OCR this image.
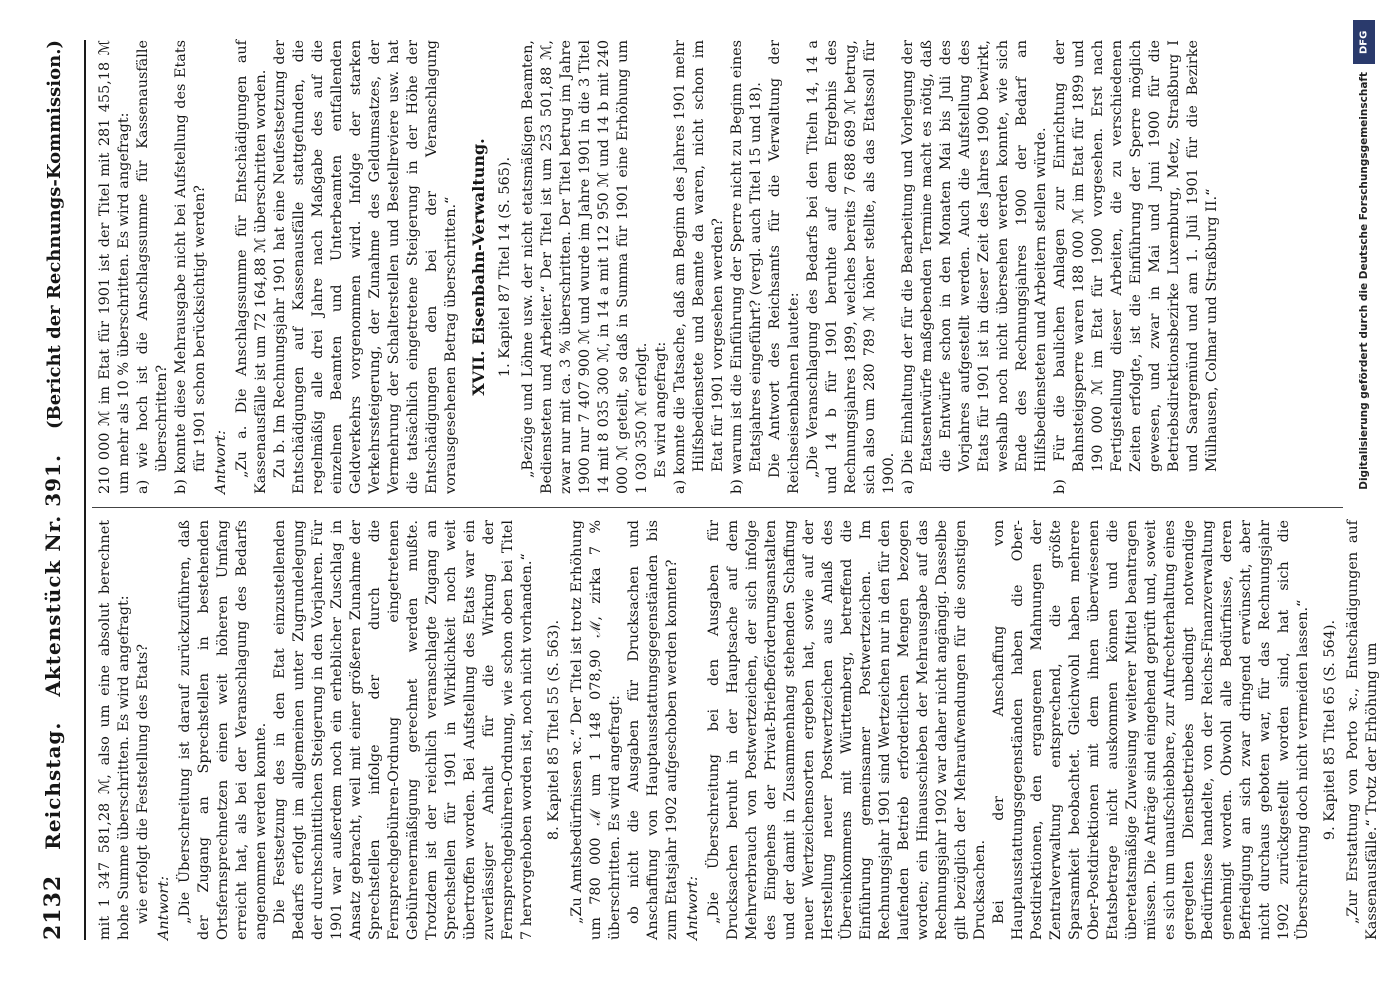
2132
Reichstag.
Aktenstück Nr. 391.
(Bericht der Rechnungs-Kommission.)

mit 1 347 581,28 ℳ, also um eine absolut berechnet hohe Summe überschritten. Es wird angefragt: wie erfolgt die Feststellung des Etats? Antwort: „Die Überschreitung ist darauf zurückzuführen, daß der Zugang an Sprechstellen in bestehenden Ortsfernsprechnetzen einen weit höheren Umfang erreicht hat, als bei der Veranschlagung des Bedarfs angenommen werden konnte. Die Festsetzung des in den Etat einzustellenden Bedarfs erfolgt im allgemeinen unter Zugrundelegung der durchschnittlichen Steigerung in den Vorjahren. Für 1901 war außerdem noch ein erheblicher Zuschlag in Ansatz gebracht, weil mit einer größeren Zunahme der Sprechstellen infolge der durch die Fernsprechgebühren-Ordnung eingetretenen Gebührenermäßigung gerechnet werden mußte. Trotzdem ist der reichlich veranschlagte Zugang an Sprechstellen für 1901 in Wirklichkeit noch weit übertroffen worden. Bei Aufstellung des Etats war ein zuverlässiger Anhalt für die Wirkung der Fernsprechgebühren-Ordnung, wie schon oben bei Titel 7 hervorgehoben worden ist, noch nicht vorhanden.“ 8. Kapitel 85 Titel 55 (S. 563). „Zu Amtsbedürfnissen ꝛc.“ Der Titel ist trotz Erhöhung um 780 000 ℳ um 1 148 078,90 ℳ, zirka 7 % überschritten. Es wird angefragt: ob nicht die Ausgaben für Drucksachen und Anschaffung von Hauptausstattungsgegenständen bis zum Etatsjahr 1902 aufgeschoben werden konnten? Antwort: „Die Überschreitung bei den Ausgaben für Drucksachen beruht in der Hauptsache auf dem Mehrverbrauch von Postwertzeichen, der sich infolge des Eingehens der Privat-Briefbeförderungsanstalten und der damit in Zusammenhang stehenden Schaffung neuer Wertzeichensorten ergeben hat, sowie auf der Herstellung neuer Postwertzeichen aus Anlaß des Übereinkommens mit Württemberg, betreffend die Einführung gemeinsamer Postwertzeichen. Im Rechnungsjahr 1901 sind Wertzeichen nur in den für den laufenden Betrieb erforderlichen Mengen bezogen worden; ein Hinausschieben der Mehrausgabe auf das Rechnungsjahr 1902 war daher nicht angängig. Dasselbe gilt bezüglich der Mehraufwendungen für die sonstigen Drucksachen. Bei der Anschaffung von Hauptausstattungsgegenständen haben die Ober-Postdirektionen, den ergangenen Mahnungen der Zentralverwaltung entsprechend, die größte Sparsamkeit beobachtet. Gleichwohl haben mehrere Ober-Postdirektionen mit dem ihnen überwiesenen Etatsbetrage nicht auskommen können und die überetatsmäßige Zuweisung weiterer Mittel beantragen müssen. Die Anträge sind eingehend geprüft und, soweit es sich um unaufschiebbare, zur Aufrechterhaltung eines geregelten Dienstbetriebes unbedingt notwendige Bedürfnisse handelte, von der Reichs-Finanzverwaltung genehmigt worden. Obwohl alle Bedürfnisse, deren Befriedigung an sich zwar dringend erwünscht, aber nicht durchaus geboten war, für das Rechnungsjahr 1902 zurückgestellt worden sind, hat sich die Überschreitung doch nicht vermeiden lassen.“ 9. Kapitel 85 Titel 65 (S. 564). „Zur Erstattung von Porto ꝛc., Entschädigungen auf Kassenausfälle.“ Trotz der Erhöhung um

210 000 ℳ im Etat für 1901 ist der Titel mit 281 455,18 ℳ um mehr als 10 % überschritten. Es wird angefragt: a) wie hoch ist die Anschlagssumme für Kassenausfälle überschritten? b) konnte diese Mehrausgabe nicht bei Aufstellung des Etats für 1901 schon berücksichtigt werden? Antwort: „Zu a. Die Anschlagssumme für Entschädigungen auf Kassenausfälle ist um 72 164,88 ℳ überschritten worden. Zu b. Im Rechnungsjahr 1901 hat eine Neufestsetzung der Entschädigungen auf Kassenausfälle stattgefunden, die regelmäßig alle drei Jahre nach Maßgabe des auf die einzelnen Beamten und Unterbeamten entfallenden Geldverkehrs vorgenommen wird. Infolge der starken Verkehrssteigerung, der Zunahme des Geldumsatzes, der Vermehrung der Schalterstellen und Bestellreviere usw. hat die tatsächlich eingetretene Steigerung in der Höhe der Entschädigungen den bei der Veranschlagung vorausgesehenen Betrag überschritten.“ XVII. Eisenbahn-Verwaltung. 1. Kapitel 87 Titel 14 (S. 565). „Bezüge und Löhne usw. der nicht etatsmäßigen Beamten, Bediensteten und Arbeiter.“ Der Titel ist um 253 501,88 ℳ, zwar nur mit ca. 3 % überschritten. Der Titel betrug im Jahre 1900 nur 7 407 900 ℳ und wurde im Jahre 1901 in die 3 Titel 14 mit 8 035 300 ℳ, in 14 a mit 112 950 ℳ und 14 b mit 240 000 ℳ geteilt, so daß in Summa für 1901 eine Erhöhung um 1 030 350 ℳ erfolgt. Es wird angefragt: a) konnte die Tatsache, daß am Beginn des Jahres 1901 mehr Hilfsbedienstete und Beamte da waren, nicht schon im Etat für 1901 vorgesehen werden? b) warum ist die Einführung der Sperre nicht zu Beginn eines Etatsjahres eingeführt? (vergl. auch Titel 15 und 18). Die Antwort des Reichsamts für die Verwaltung der Reichseisenbahnen lautete: „Die Veranschlagung des Bedarfs bei den Titeln 14, 14 a und 14 b für 1901 beruhte auf dem Ergebnis des Rechnungsjahres 1899, welches bereits 7 688 689 ℳ betrug, sich also um 280 789 ℳ höher stellte, als das Etatssoll für 1900. a) Die Einhaltung der für die Bearbeitung und Vorlegung der Etatsentwürfe maßgebenden Termine macht es nötig, daß die Entwürfe schon in den Monaten Mai bis Juli des Vorjahres aufgestellt werden. Auch die Aufstellung des Etats für 1901 ist in dieser Zeit des Jahres 1900 bewirkt, weshalb noch nicht übersehen werden konnte, wie sich Ende des Rechnungsjahres 1900 der Bedarf an Hilfsbediensteten und Arbeitern stellen würde. b) Für die baulichen Anlagen zur Einrichtung der Bahnsteigsperre waren 188 000 ℳ im Etat für 1899 und 190 000 ℳ im Etat für 1900 vorgesehen. Erst nach Fertigstellung dieser Arbeiten, die zu verschiedenen Zeiten erfolgte, ist die Einführung der Sperre möglich gewesen, und zwar in Mai und Juni 1900 für die Betriebsdirektionsbezirke Luxemburg, Metz, Straßburg I und Saargemünd und am 1. Juli 1901 für die Bezirke Mülhausen, Colmar und Straßburg II.“

DFG
Digitalisierung gefördert durch die Deutsche Forschungsgemeinschaft
